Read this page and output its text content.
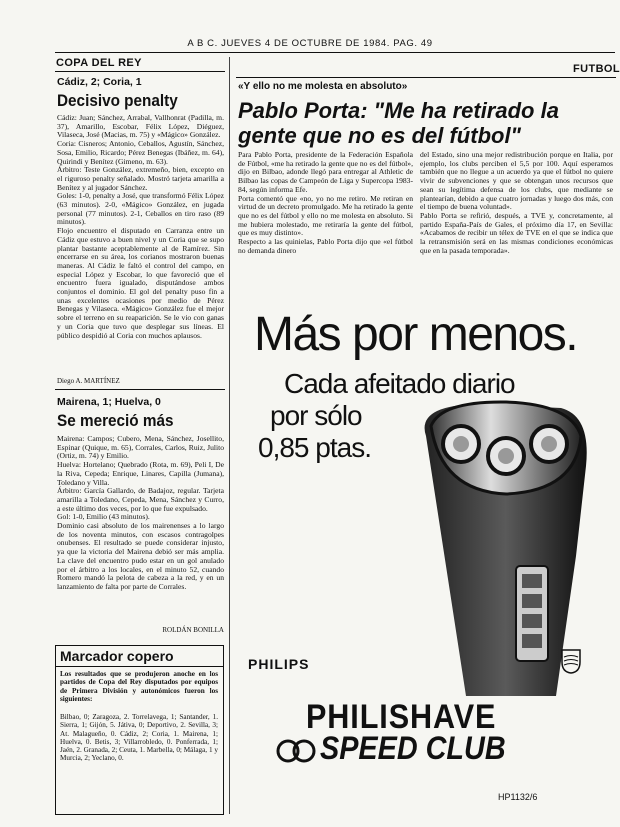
A B C. JUEVES 4 DE OCTUBRE DE 1984. PAG. 49
COPA DEL REY
Cádiz, 2; Coria, 1
Decisivo penalty
Cádiz: Juan; Sánchez, Arrabal, Vallhonrat (Padilla, m. 37), Amarillo, Escobar, Félix López, Diéguez, Vilaseca, José (Macias, m. 75) y «Mágico» González.
Coria: Cisneros; Antonio, Ceballos, Agustín, Sánchez, Sosa, Emilio, Ricardo; Pérez Benegas (Ibáñez, m. 64), Quirindi y Benítez (Gimeno, m. 63).
Árbitro: Teste González, extremeño, bien, excepto en el riguroso penalty señalado. Mostró tarjeta amarilla a Benítez y al jugador Sánchez.
Goles: 1-0, penalty a José, que transformó Félix López (63 minutos). 2-0, «Mágico» González, en jugada personal (77 minutos). 2-1, Ceballos en tiro raso (89 minutos).
Flojo encuentro el disputado en Carranza entre un Cádiz que estuvo a buen nivel y un Coria que se supo plantar bastante aceptablemente al de Ramírez. Sin encerrarse en su área, los corianos mostraron buenas maneras. Al Cádiz le faltó el control del campo, en especial López y Escobar, lo que favoreció que el encuentro fuera igualado, disputándose ambos conjuntos el dominio. El gol del penalty puso fin a unas excelentes ocasiones por medio de Pérez Benegas y Vilaseca. «Mágico» González fue el mejor sobre el terreno en su reaparición. Se le vio con ganas y un Coria que tuvo que desplegar sus líneas. El público despidió al Coria con muchos aplausos.
Diego A. MARTÍNEZ
Mairena, 1; Huelva, 0
Se mereció más
Mairena: Campos; Cubero, Mena, Sánchez, Josellito, Espinar (Quique, m. 65), Corrales, Carlos, Ruiz, Julito (Ortiz, m. 74) y Emilio.
Huelva: Hortelano; Quebrado (Rota, m. 69), Peli I, De la Riva, Cepeda; Enrique, Linares, Capilla (Jumana), Toledano y Villa.
Árbitro: García Gallardo, de Badajoz, regular. Tarjeta amarilla a Toledano, Cepeda, Mena, Sánchez y Curro, a este último dos veces, por lo que fue expulsado.
Gol: 1-0, Emilio (43 minutos).
Dominio casi absoluto de los mairenenses a lo largo de los noventa minutos, con escasos contragolpes onubenses. El resultado se puede considerar injusto, ya que la victoria del Mairena debió ser más amplia. La clave del encuentro pudo estar en un gol anulado por el árbitro a los locales, en el minuto 52, cuando Romero mandó la pelota de cabeza a la red, y en un lanzamiento de falta por parte de Corrales.
ROLDÁN BONILLA
Marcador copero
Los resultados que se produjeron anoche en los partidos de Copa del Rey disputados por equipos de Primera División y autonómicos fueron los siguientes:
Bilbao, 0; Zaragoza, 2. Torrelavega, 1; Santander, 1. Sierra, 1; Gijón, 5. Játiva, 0; Deportivo, 2. Sevilla, 3; At. Malagueño, 0. Cádiz, 2; Coria, 1. Mairena, 1; Huelva, 0. Betis, 3; Villarrobledo, 0. Ponferrada, 1; Jaén, 2. Granada, 2; Ceuta, 1. Marbella, 0; Málaga, 1 y Murcia, 2; Yeclano, 0.
FUTBOL
«Y ello no me molesta en absoluto»
Pablo Porta: "Me ha retirado la gente que no es del fútbol"
Para Pablo Porta, presidente de la Federación Española de Fútbol, «me ha retirado la gente que no es del fútbol», dijo en Bilbao, adonde llegó para entregar al Athletic de Bilbao las copas de Campeón de Liga y Supercopa 1983-84, según informa Efe.
Porta comentó que «no, yo no me retiro. Me retiran en virtud de un decreto promulgado. Me ha retirado la gente que no es del fútbol y ello no me molesta en absoluto. Si me hubiera molestado, me retiraría la gente del fútbol, que es muy distinto».
Respecto a las quinielas, Pablo Porta dijo que «el fútbol no demanda dinero
del Estado, sino una mejor redistribución porque en Italia, por ejemplo, los clubs perciben el 5,5 por 100. Aquí esperamos también que no llegue a un acuerdo ya que el fútbol no quiere vivir de subvenciones y que se obtengan unos recursos que sean su legítima defensa de los clubs, que mediante se plantearían, debido a que cuatro jornadas y luego dos más, con el tiempo de buena voluntad».
Pablo Porta se refirió, después, a TVE y, concretamente, al partido España-País de Gales, el próximo día 17, en Sevilla: «Acabamos de recibir un télex de TVE en el que se indica que la retransmisión será en las mismas condiciones económicas que en la pasada temporada».
Más por menos.
Cada afeitado diario
por sólo
0,85 ptas.
PHILIPS
PHILISHAVE
SPEED CLUB
HP1132/6
